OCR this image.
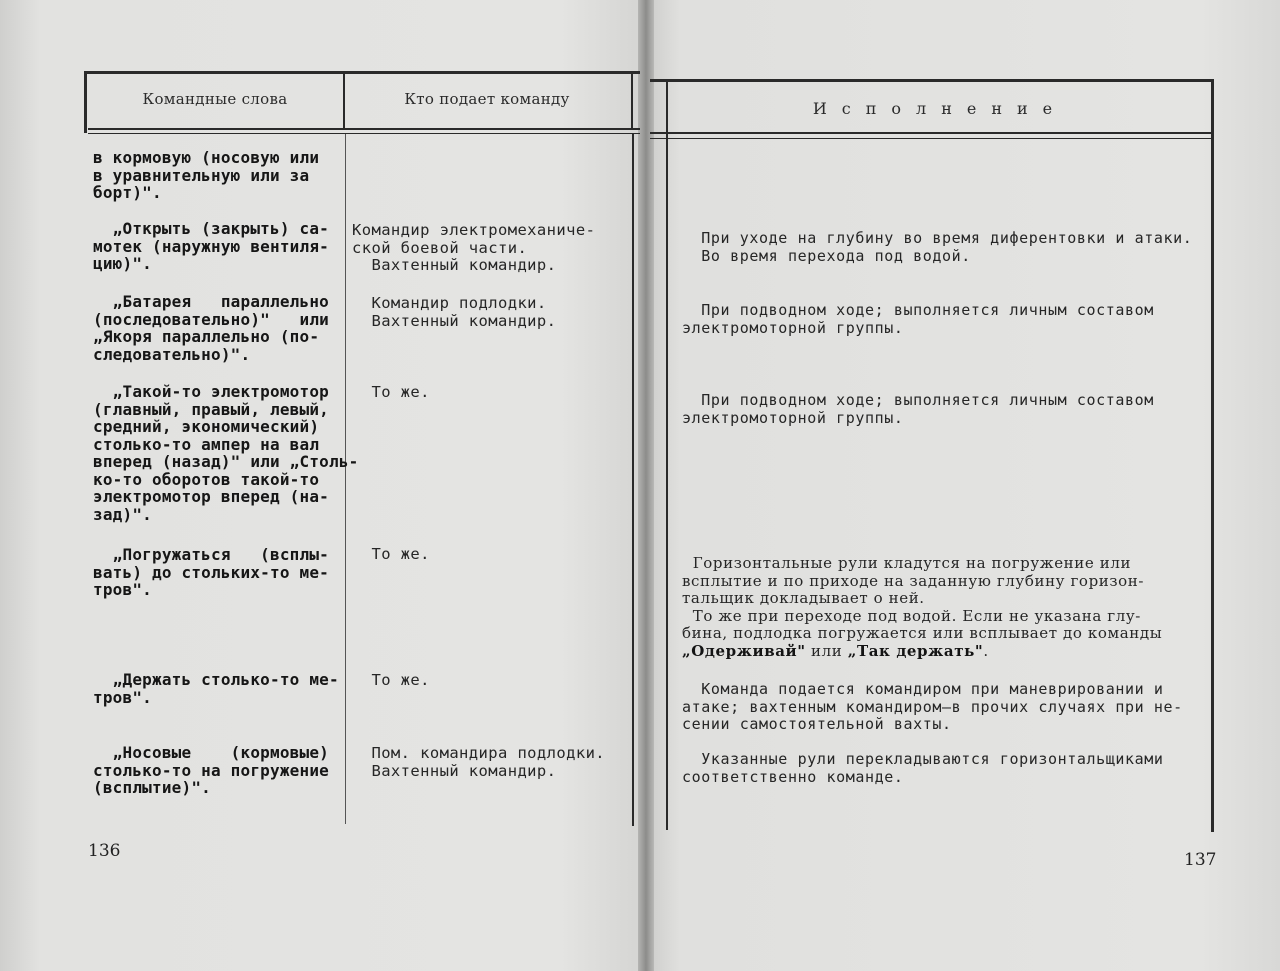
Командные слова	Кто подает команду
в кормовую (носовую или
в уравнительную или за
борт)".
„Открыть (закрыть) са-
мотек (наружную вентиля-
цию)".
Командир электромеханиче-
ской боевой части.
Вахтенный командир.
„Батарея   параллельно
(последовательно)"   или
„Якоря параллельно (по-
следовательно)".
Командир подлодки.
Вахтенный командир.
„Такой-то электромотор
(главный, правый, левый,
средний, экономический)
столько-то ампер на вал
вперед (назад)" или „Столь-
ко-то оборотов такой-то
электромотор вперед (на-
зад)".
То же.
„Погружаться   (всплы-
вать) до стольких-то ме-
тров".
То же.
„Держать столько-то ме-
тров".
То же.
„Носовые    (кормовые)
столько-то на погружение
(всплытие)".
Пом. командира подлодки.
Вахтенный командир.
136
Исполнение
При уходе на глубину во время диферентовки и атаки.
Во время перехода под водой.
При подводном ходе; выполняется личным составом
электромоторной группы.
При подводном ходе; выполняется личным составом
электромоторной группы.
Горизонтальные рули кладутся на погружение или
всплытие и по приходе на заданную глубину горизон-
тальщик докладывает о ней.
То же при переходе под водой. Если не указана глу-
бина, подлодка погружается или всплывает до команды
„Одерживай" или „Так держать".
Команда подается командиром при маневрировании и
атаке; вахтенным командиром—в прочих случаях при не-
сении самостоятельной вахты.
Указанные рули перекладываются горизонтальщиками
соответственно команде.
137
